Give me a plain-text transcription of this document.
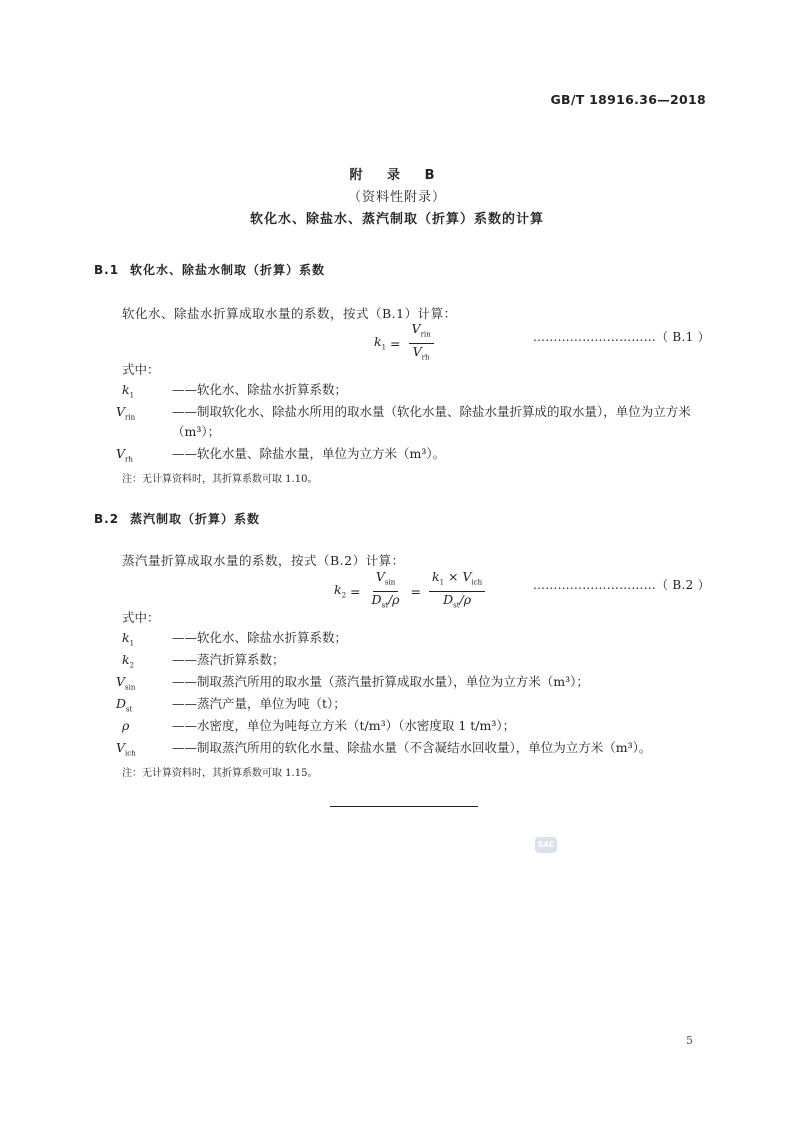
GB/T 18916.36—2018
附 录 B
（资料性附录）
软化水、除盐水、蒸汽制取（折算）系数的计算
B.1 软化水、除盐水制取（折算）系数
软化水、除盐水折算成取水量的系数，按式（B.1）计算：
$k_1 = \frac{V_{rin}}{V_{rh}}$	…………………………（ B.1 ）
式中：
$k_1$	——软化水、除盐水折算系数；
$V_{rin}$	——制取软化水、除盐水所用的取水量（软化水量、除盐水量折算成的取水量），单位为立方米
（m³）；
$V_{rh}$	——软化水量、除盐水量，单位为立方米（m³）。
注：无计算资料时，其折算系数可取 1.10。
B.2 蒸汽制取（折算）系数
蒸汽量折算成取水量的系数，按式（B.2）计算：
$k_2 = \frac{V_{sin}}{D_{st}/\rho} = \frac{k_1 \times V_{ich}}{D_{st}/\rho}$	…………………………（ B.2 ）
式中：
$k_1$	——软化水、除盐水折算系数；
$k_2$	——蒸汽折算系数；
$V_{sin}$	——制取蒸汽所用的取水量（蒸汽量折算成取水量），单位为立方米（m³）；
$D_{st}$	——蒸汽产量，单位为吨（t）；
ρ	——水密度，单位为吨每立方米（t/m³）（水密度取 1 t/m³）；
$V_{ich}$	——制取蒸汽所用的软化水量、除盐水量（不含凝结水回收量），单位为立方米（m³）。
注：无计算资料时，其折算系数可取 1.15。
SAC
5
